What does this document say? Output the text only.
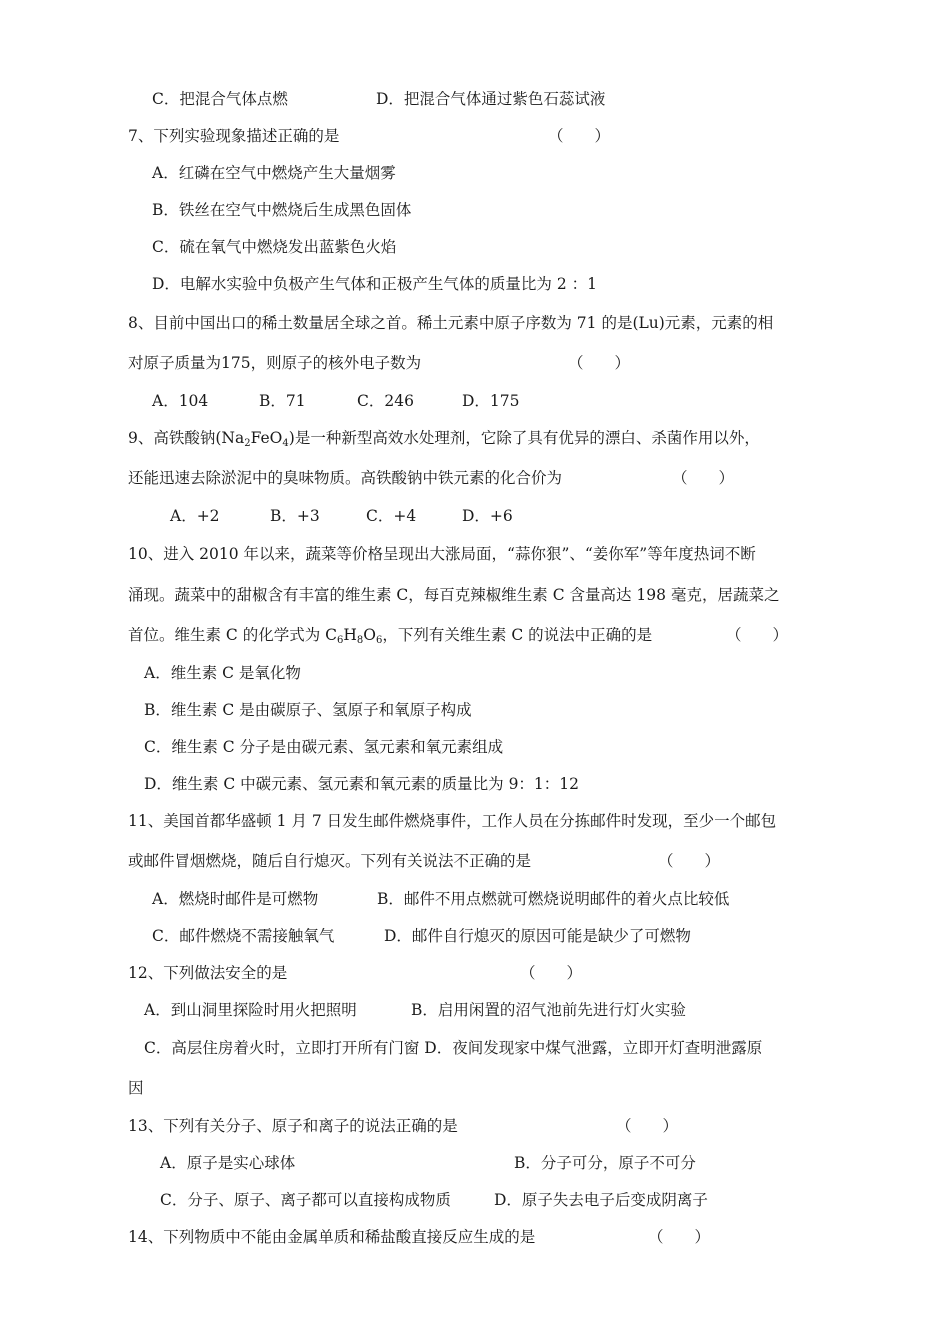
C．把混合气体点燃	D．把混合气体通过紫色石蕊试液
7、下列实验现象描述正确的是	（　　）
A．红磷在空气中燃烧产生大量烟雾
B．铁丝在空气中燃烧后生成黑色固体
C．硫在氧气中燃烧发出蓝紫色火焰
D．电解水实验中负极产生气体和正极产生气体的质量比为 2 ：1
8、目前中国出口的稀土数量居全球之首。稀土元素中原子序数为 71 的是(Lu)元素，元素的相
对原子质量为175，则原子的核外电子数为	（　　）
A．104	B．71	C．246	D．175
9、高铁酸钠$(Na_2FeO_4)$是一种新型高效水处理剂，它除了具有优异的漂白、杀菌作用以外，
还能迅速去除淤泥中的臭味物质。高铁酸钠中铁元素的化合价为	（　　）
A．+2	B．+3	C．+4	D．+6
10、进入 2010 年以来，蔬菜等价格呈现出大涨局面，“蒜你狠”、“姜你军”等年度热词不断
涌现。蔬菜中的甜椒含有丰富的维生素 C，每百克辣椒维生素 C 含量高达 198 毫克，居蔬菜之
首位。维生素 C 的化学式为 $C_6H_8O_6$，下列有关维生素 C 的说法中正确的是	（　　）
A．维生素 C 是氧化物
B．维生素 C 是由碳原子、氢原子和氧原子构成
C．维生素 C 分子是由碳元素、氢元素和氧元素组成
D．维生素 C 中碳元素、氢元素和氧元素的质量比为 9：1：12
11、美国首都华盛顿 1 月 7 日发生邮件燃烧事件，工作人员在分拣邮件时发现，至少一个邮包
或邮件冒烟燃烧，随后自行熄灭。下列有关说法不正确的是	（　　）
A．燃烧时邮件是可燃物	B．邮件不用点燃就可燃烧说明邮件的着火点比较低
C．邮件燃烧不需接触氧气	D．邮件自行熄灭的原因可能是缺少了可燃物
12、下列做法安全的是	（　　）
A．到山洞里探险时用火把照明	B．启用闲置的沼气池前先进行灯火实验
C．高层住房着火时，立即打开所有门窗 D．夜间发现家中煤气泄露，立即开灯查明泄露原
因
13、下列有关分子、原子和离子的说法正确的是	（　　）
A．原子是实心球体	B．分子可分，原子不可分
C．分子、原子、离子都可以直接构成物质	D．原子失去电子后变成阴离子
14、下列物质中不能由金属单质和稀盐酸直接反应生成的是	（　　）
